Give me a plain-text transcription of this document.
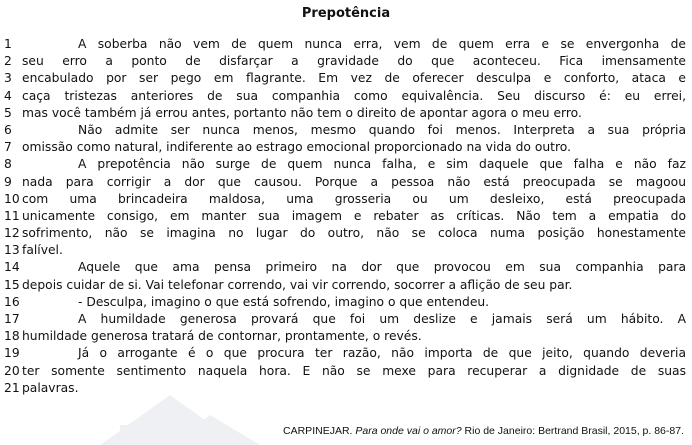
Prepotência
1	A soberba não vem de quem nunca erra, vem de quem erra e se envergonha de
2 seu erro a ponto de disfarçar a gravidade do que aconteceu. Fica imensamente
3 encabulado por ser pego em flagrante. Em vez de oferecer desculpa e conforto, ataca e
4 caça tristezas anteriores de sua companhia como equivalência. Seu discurso é: eu errei,
5 mas você também já errou antes, portanto não tem o direito de apontar agora o meu erro.
6	Não admite ser nunca menos, mesmo quando foi menos. Interpreta a sua própria
7 omissão como natural, indiferente ao estrago emocional proporcionado na vida do outro.
8	A prepotência não surge de quem nunca falha, e sim daquele que falha e não faz
9 nada para corrigir a dor que causou. Porque a pessoa não está preocupada se magoou
10 com uma brincadeira maldosa, uma grosseria ou um desleixo, está preocupada
11 unicamente consigo, em manter sua imagem e rebater as críticas. Não tem a empatia do
12 sofrimento, não se imagina no lugar do outro, não se coloca numa posição honestamente
13 falível.
14	Aquele que ama pensa primeiro na dor que provocou em sua companhia para
15 depois cuidar de si. Vai telefonar correndo, vai vir correndo, socorrer a aflição de seu par.
16	- Desculpa, imagino o que está sofrendo, imagino o que entendeu.
17	A humildade generosa provará que foi um deslize e jamais será um hábito. A
18 humildade generosa tratará de contornar, prontamente, o revés.
19	Já o arrogante é o que procura ter razão, não importa de que jeito, quando deveria
20 ter somente sentimento naquela hora. E não se mexe para recuperar a dignidade de suas
21 palavras.
CARPINEJAR. Para onde vai o amor? Rio de Janeiro: Bertrand Brasil, 2015, p. 86-87.
